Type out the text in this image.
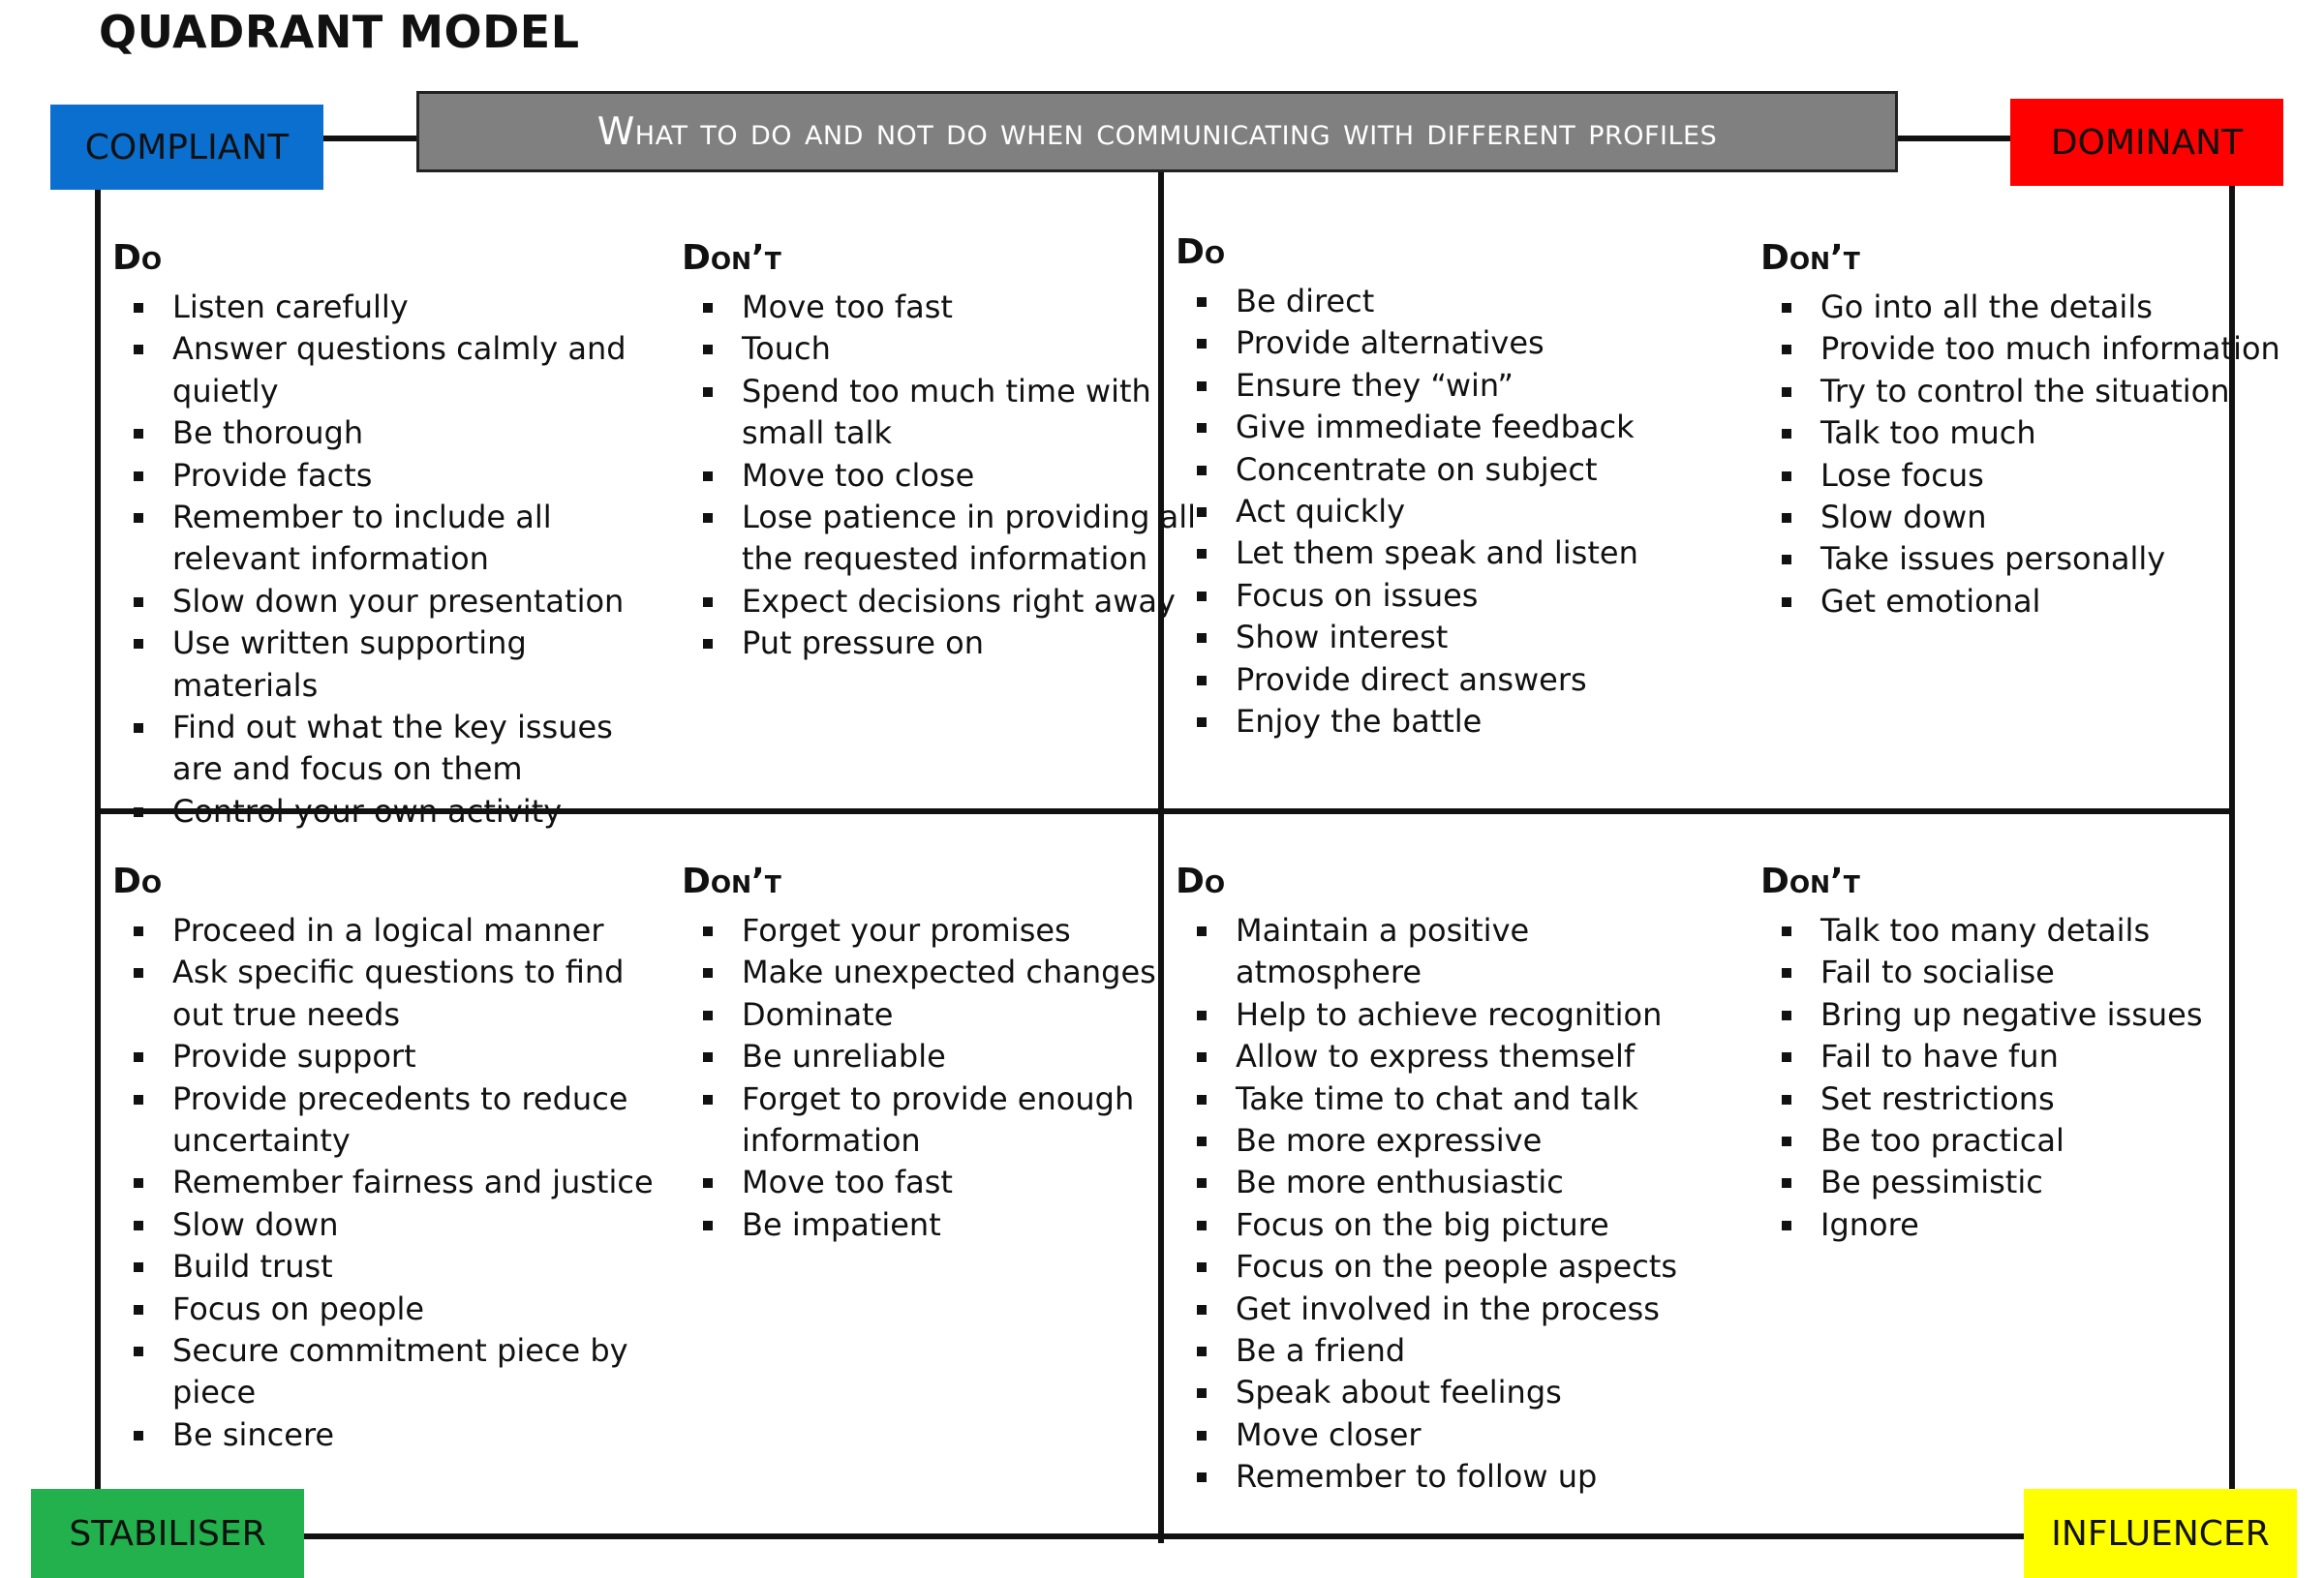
QUADRANT MODEL
What to do and not do when communicating with different profiles
COMPLIANT	DOMINANT
STABILISER	INFLUENCER
Do
Listen carefully
Answer questions calmly and quietly
Be thorough
Provide facts
Remember to include all relevant information
Slow down your presentation
Use written supporting materials
Find out what the key issues are and focus on them
Control your own activity
Don’t
Move too fast
Touch
Spend too much time with small talk
Move too close
Lose patience in providing all the requested information
Expect decisions right away
Put pressure on
Do
Be direct
Provide alternatives
Ensure they “win”
Give immediate feedback
Concentrate on subject
Act quickly
Let them speak and listen
Focus on issues
Show interest
Provide direct answers
Enjoy the battle
Don’t
Go into all the details
Provide too much information
Try to control the situation
Talk too much
Lose focus
Slow down
Take issues personally
Get emotional
Do
Proceed in a logical manner
Ask specific questions to find out true needs
Provide support
Provide precedents to reduce uncertainty
Remember fairness and justice
Slow down
Build trust
Focus on people
Secure commitment piece by piece
Be sincere
Don’t
Forget your promises
Make unexpected changes
Dominate
Be unreliable
Forget to provide enough information
Move too fast
Be impatient
Do
Maintain a positive atmosphere
Help to achieve recognition
Allow to express themself
Take time to chat and talk
Be more expressive
Be more enthusiastic
Focus on the big picture
Focus on the people aspects
Get involved in the process
Be a friend
Speak about feelings
Move closer
Remember to follow up
Don’t
Talk too many details
Fail to socialise
Bring up negative issues
Fail to have fun
Set restrictions
Be too practical
Be pessimistic
Ignore
